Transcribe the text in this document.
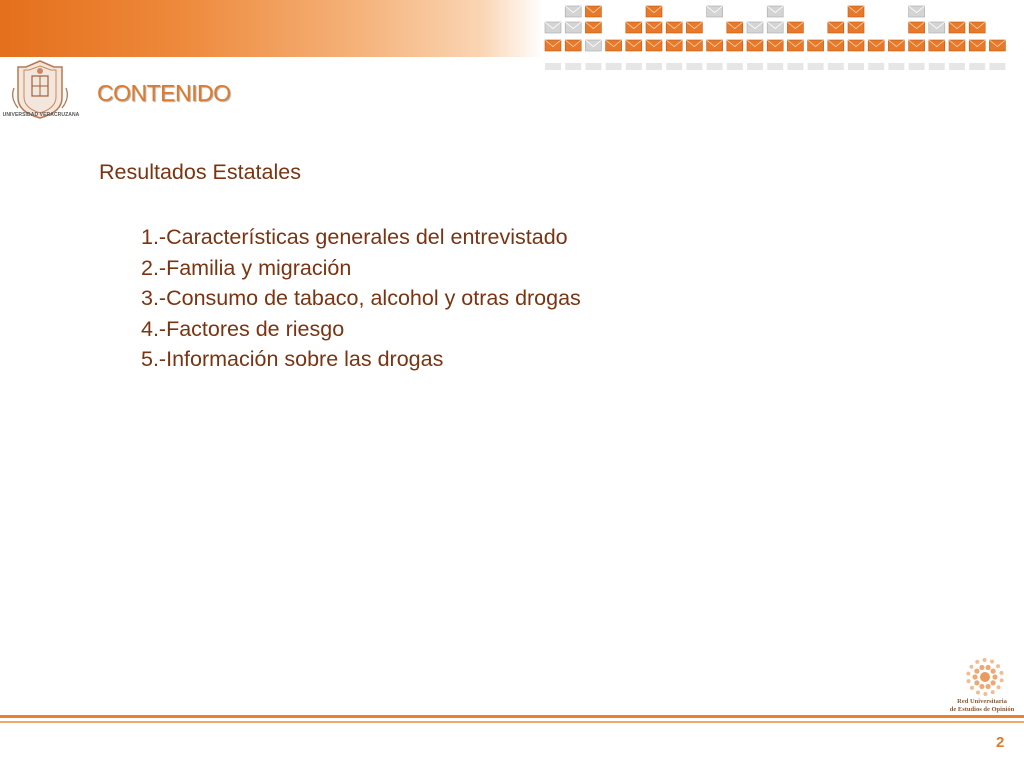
UNIVERSIDAD VERACRUZANA
CONTENIDO
Resultados Estatales
1.-Características generales del entrevistado
2.-Familia y migración
3.-Consumo de tabaco, alcohol y otras drogas
4.-Factores de riesgo
5.-Información sobre las drogas
Red Universitaria
de Estudios de Opinión
2
